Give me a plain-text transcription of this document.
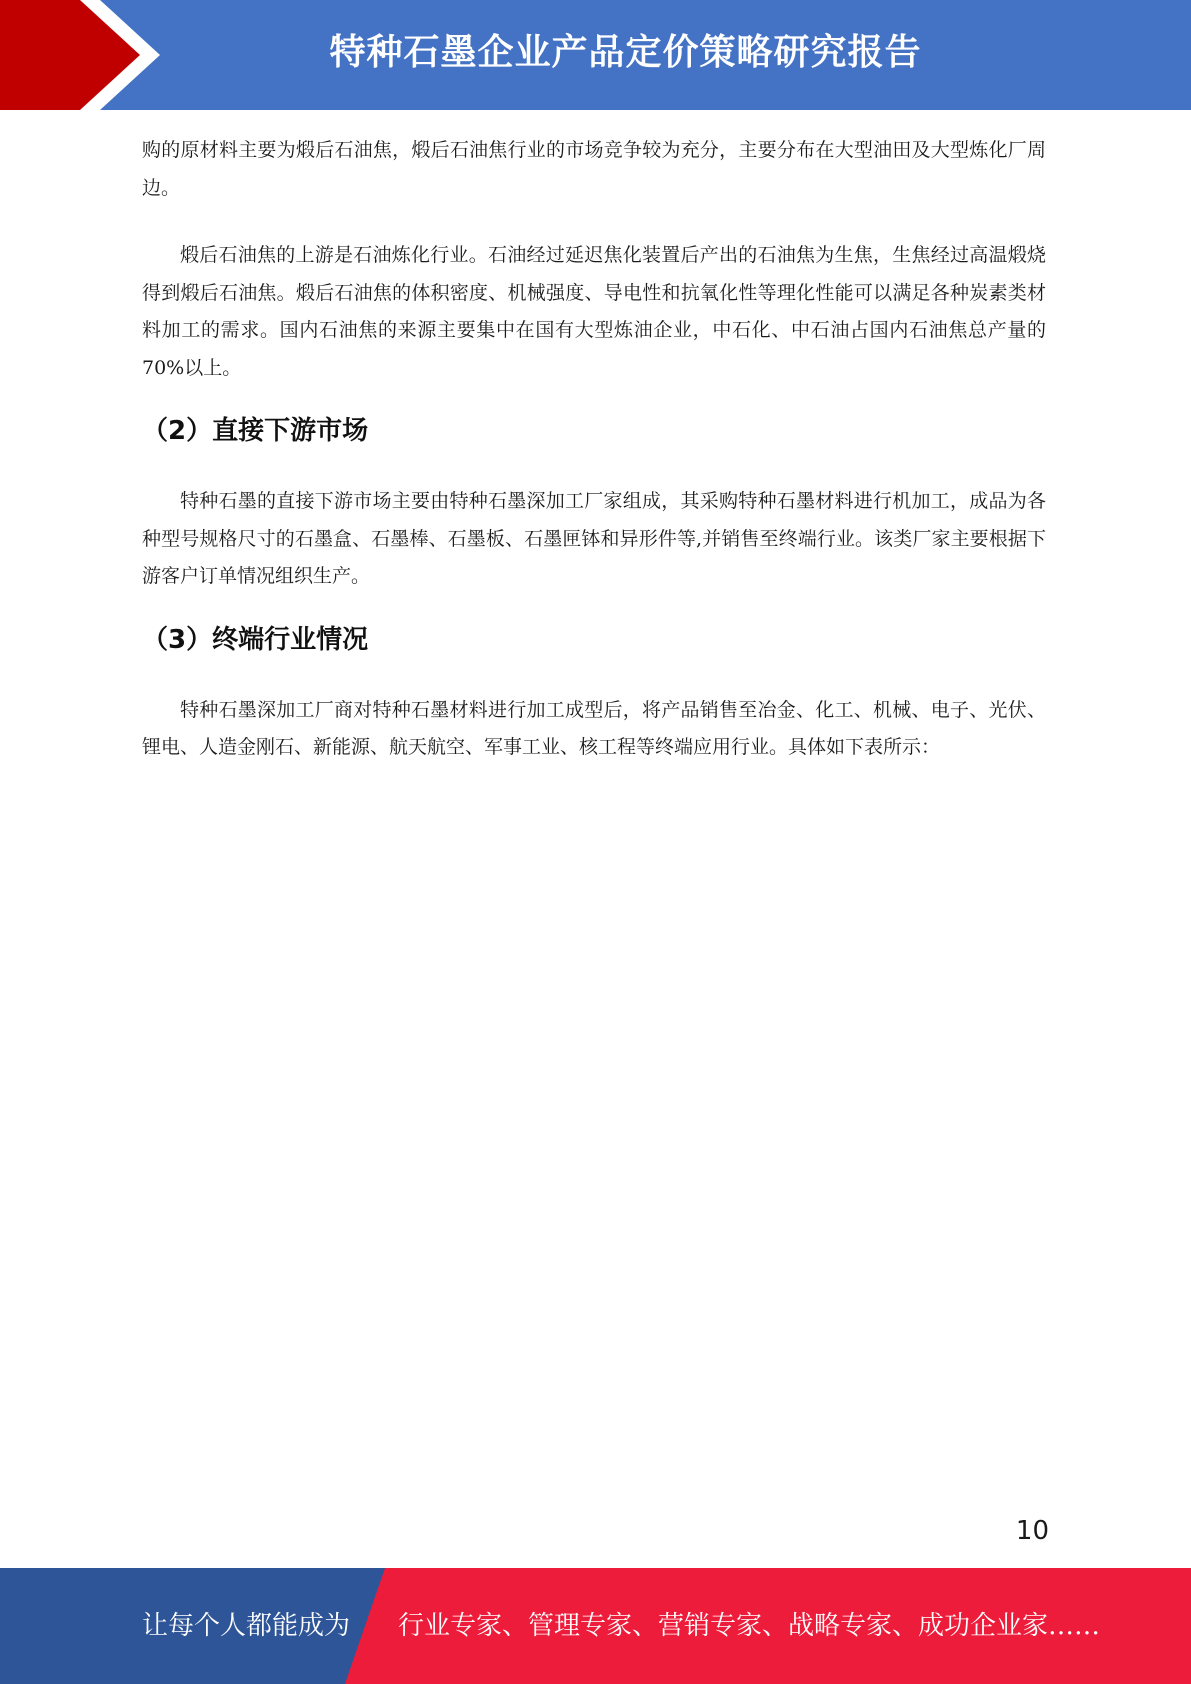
特种石墨企业产品定价策略研究报告

购的原材料主要为煅后石油焦，煅后石油焦行业的市场竞争较为充分，主要分布在大型油田及大型炼化厂周边。

煅后石油焦的上游是石油炼化行业。石油经过延迟焦化装置后产出的石油焦为生焦，生焦经过高温煅烧得到煅后石油焦。煅后石油焦的体积密度、机械强度、导电性和抗氧化性等理化性能可以满足各种炭素类材料加工的需求。国内石油焦的来源主要集中在国有大型炼油企业，中石化、中石油占国内石油焦总产量的 70%以上。

（2）直接下游市场

特种石墨的直接下游市场主要由特种石墨深加工厂家组成，其采购特种石墨材料进行机加工，成品为各种型号规格尺寸的石墨盒、石墨棒、石墨板、石墨匣钵和异形件等,并销售至终端行业。该类厂家主要根据下游客户订单情况组织生产。

（3）终端行业情况

特种石墨深加工厂商对特种石墨材料进行加工成型后，将产品销售至冶金、化工、机械、电子、光伏、锂电、人造金刚石、新能源、航天航空、军事工业、核工程等终端应用行业。具体如下表所示：

10
让每个人都能成为 行业专家、管理专家、营销专家、战略专家、成功企业家……
